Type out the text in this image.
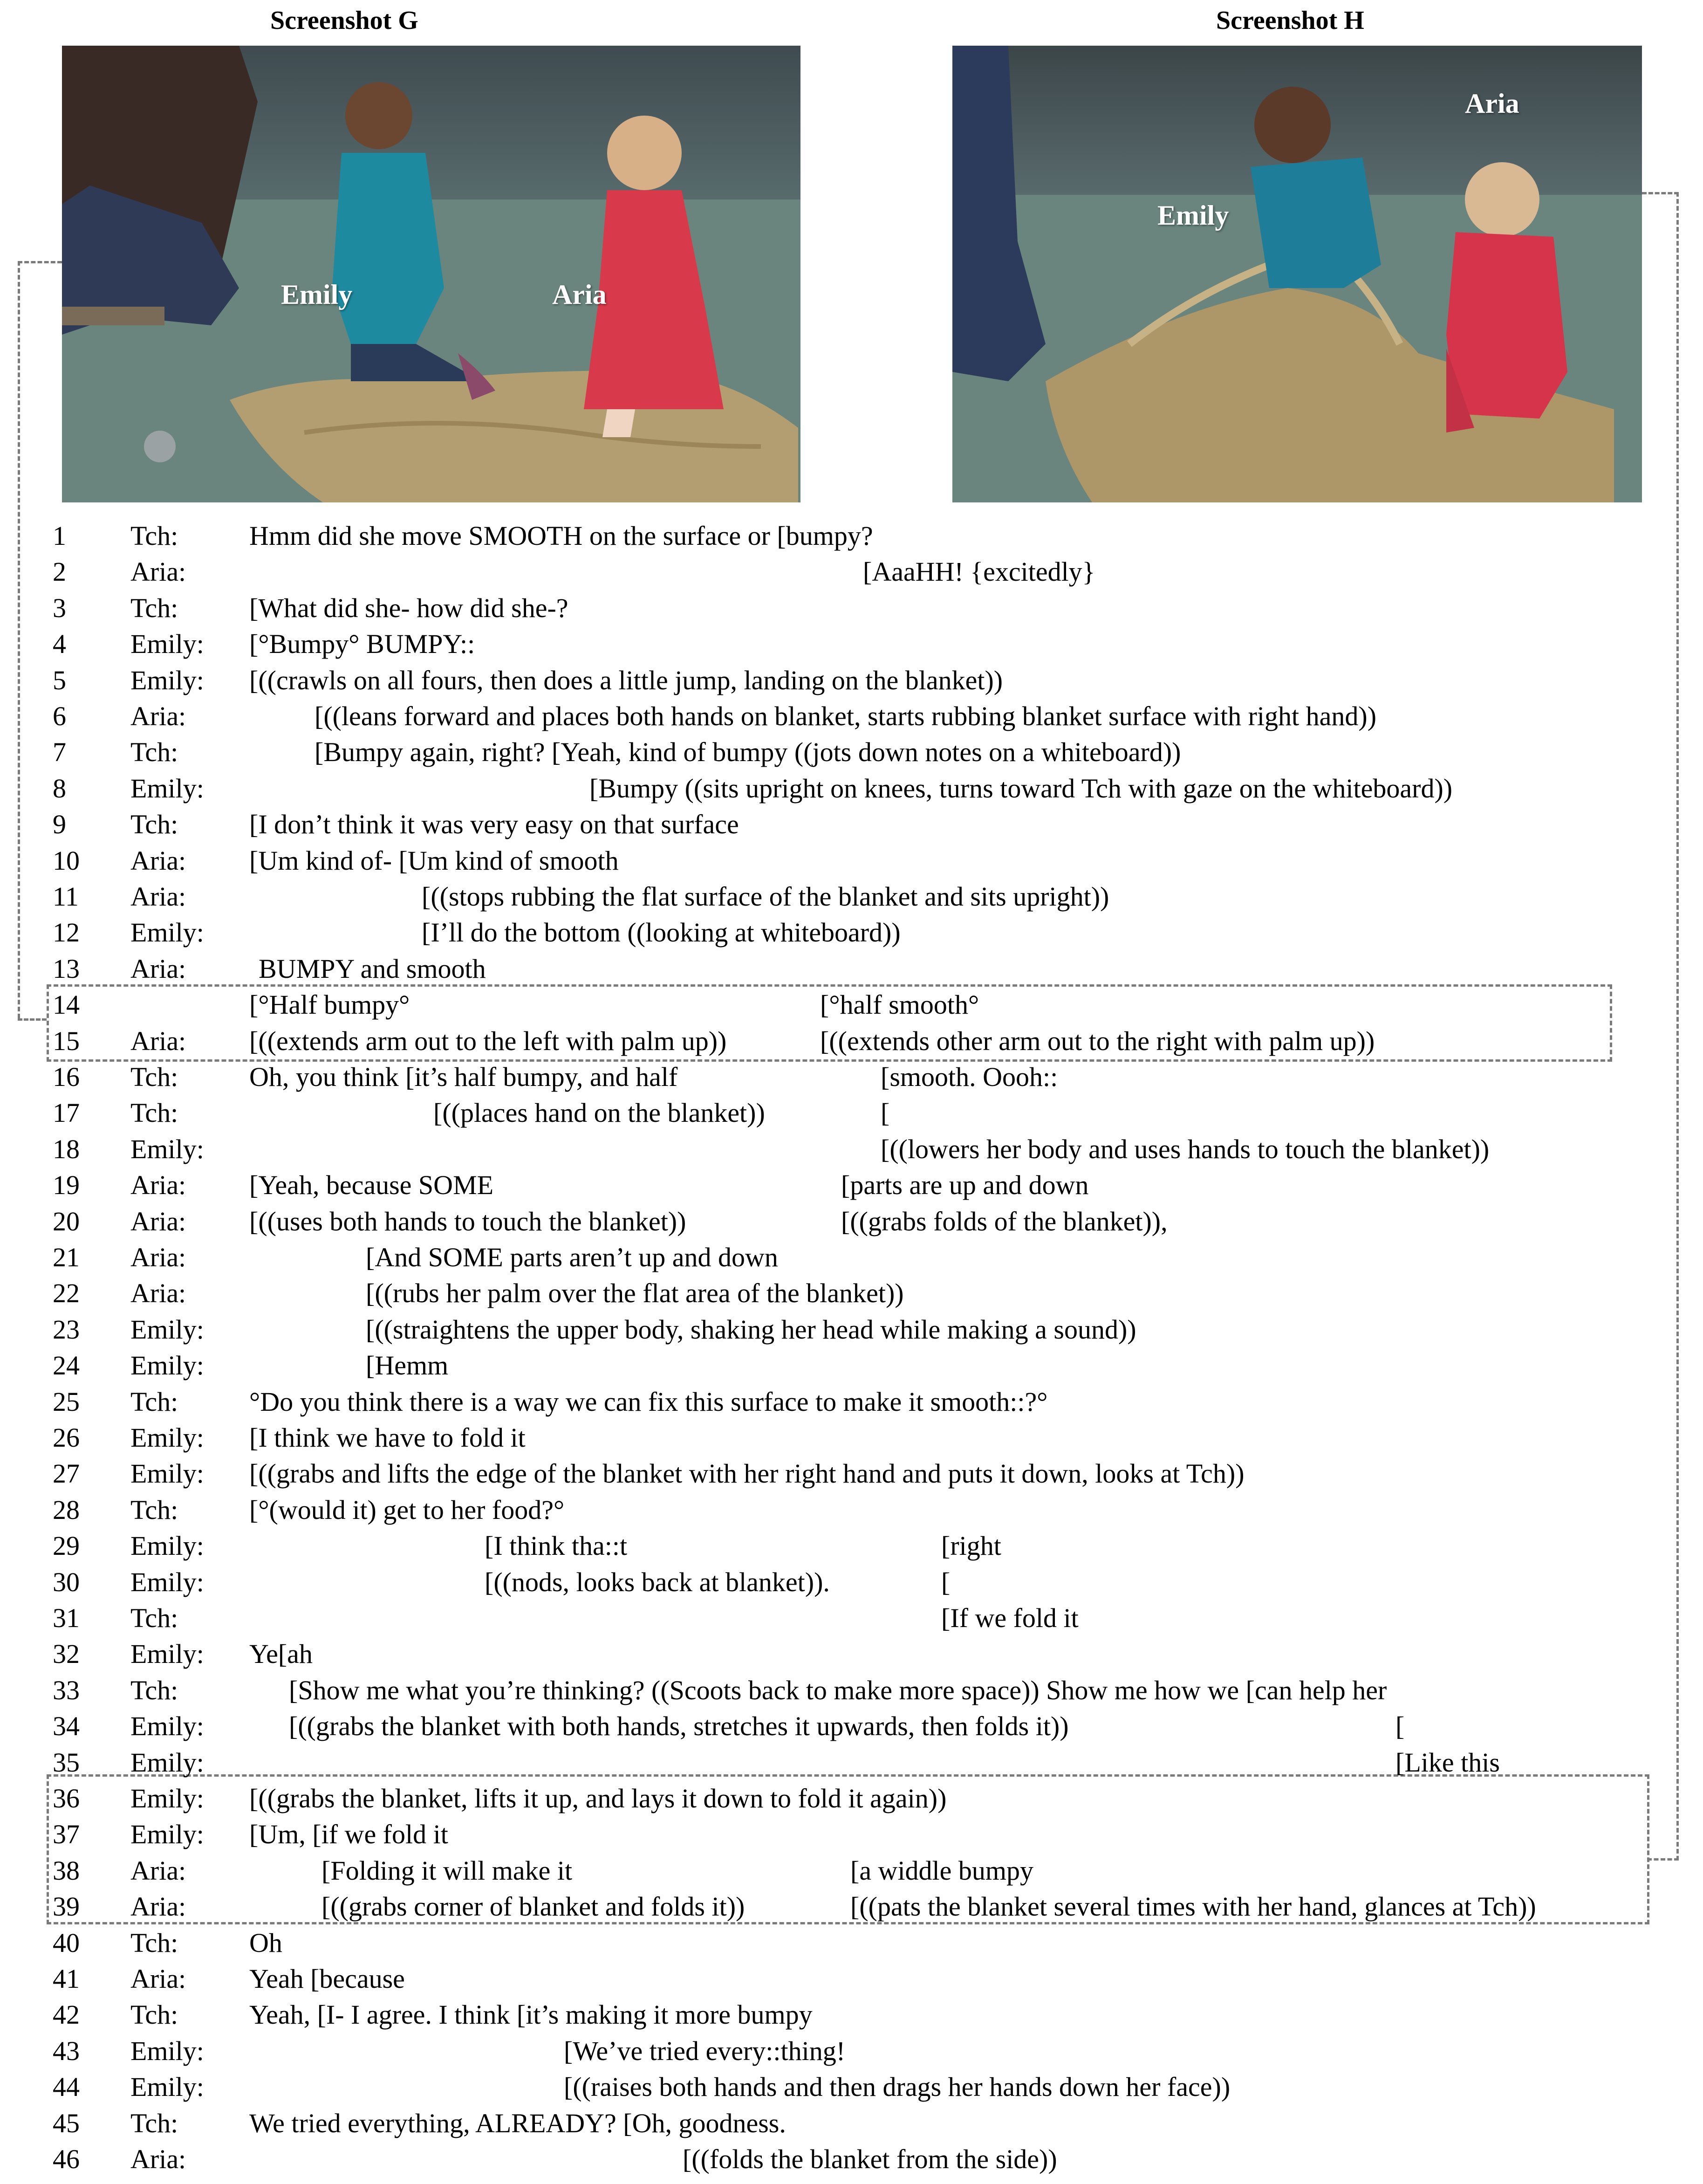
Screenshot G	Screenshot H
Emily	Aria
Aria
Emily
1 Tch:	Hmm did she move SMOOTH on the surface or [bumpy?
2 Aria:	[AaaHH! {excitedly}
3 Tch:	[What did she- how did she-?
4 Emily: [°Bumpy° BUMPY::
5 Emily: [((crawls on all fours, then does a little jump, landing on the blanket))
6 Aria:	[((leans forward and places both hands on blanket, starts rubbing blanket surface with right hand))
7 Tch:	[Bumpy again, right? [Yeah, kind of bumpy ((jots down notes on a whiteboard))
8 Emily:	[Bumpy ((sits upright on knees, turns toward Tch with gaze on the whiteboard))
9 Tch:	[I don’t think it was very easy on that surface
10 Aria: [Um kind of- [Um kind of smooth
11 Aria:	[((stops rubbing the flat surface of the blanket and sits upright))
12 Emily:	[I’ll do the bottom ((looking at whiteboard))
13 Aria:	BUMPY and smooth
14	[°Half bumpy°	[°half smooth°
15 Aria: [((extends arm out to the left with palm up))	[((extends other arm out to the right with palm up))
16 Tch:	Oh, you think [it’s half bumpy, and half	[smooth. Oooh::
17 Tch:	[((places hand on the blanket))	[
18 Emily:	[((lowers her body and uses hands to touch the blanket))
19 Aria: [Yeah, because SOME	[parts are up and down
20 Aria: [((uses both hands to touch the blanket))	[((grabs folds of the blanket)),
21 Aria:	[And SOME parts aren’t up and down
22 Aria:	[((rubs her palm over the flat area of the blanket))
23 Emily:	[((straightens the upper body, shaking her head while making a sound))
24 Emily:	[Hemm
25 Tch:	°Do you think there is a way we can fix this surface to make it smooth::?°
26 Emily: [I think we have to fold it
27 Emily: [((grabs and lifts the edge of the blanket with her right hand and puts it down, looks at Tch))
28 Tch:	[°(would it) get to her food?°
29 Emily:	[I think tha::t	[right
30 Emily:	[((nods, looks back at blanket)).	[
31 Tch:	[If we fold it
32 Emily: Ye[ah
33 Tch:	[Show me what you’re thinking? ((Scoots back to make more space)) Show me how we [can help her
34 Emily:	[((grabs the blanket with both hands, stretches it upwards, then folds it))	[
35 Emily:	[Like this
36 Emily: [((grabs the blanket, lifts it up, and lays it down to fold it again))
37 Emily: [Um, [if we fold it
38 Aria:	[Folding it will make it	[a widdle bumpy
39 Aria:	[((grabs corner of blanket and folds it))	[((pats the blanket several times with her hand, glances at Tch))
40 Tch:	Oh
41 Aria: Yeah [because
42 Tch:	Yeah, [I- I agree. I think [it’s making it more bumpy
43 Emily:	[We’ve tried every::thing!
44 Emily:	[((raises both hands and then drags her hands down her face))
45 Tch:	We tried everything, ALREADY? [Oh, goodness.
46 Aria:	[((folds the blanket from the side))
